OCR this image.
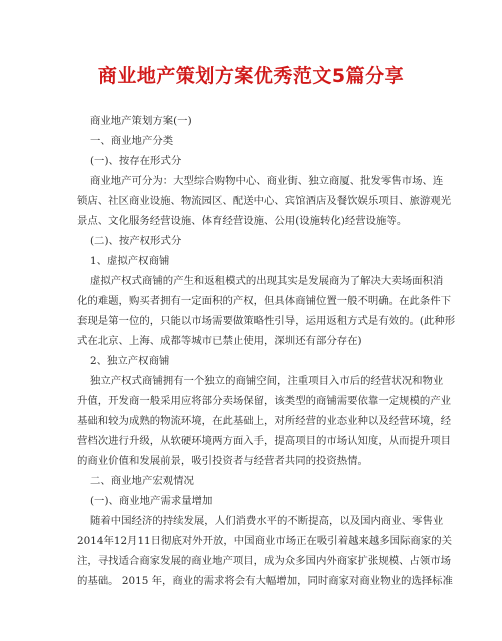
商业地产策划方案优秀范文5篇分享
商业地产策划方案(一)
一、商业地产分类
(一)、按存在形式分
商业地产可分为：大型综合购物中心、商业街、独立商厦、批发零售市场、连
锁店、社区商业设施、物流园区、配送中心、宾馆酒店及餐饮娱乐项目、旅游观光
景点、文化服务经营设施、体育经营设施、公用(设施转化)经营设施等。
(二)、按产权形式分
1、虚拟产权商铺
虚拟产权式商铺的产生和返租模式的出现其实是发展商为了解决大卖场面积消
化的难题，购买者拥有一定面积的产权，但具体商铺位置一般不明确。在此条件下
套现是第一位的，只能以市场需要做策略性引导，运用返租方式是有效的。(此种形
式在北京、上海、成都等城市已禁止使用，深圳还有部分存在)
2、独立产权商铺
独立产权式商铺拥有一个独立的商铺空间，注重项目入市后的经营状况和物业
升值，开发商一般采用应将部分卖场保留，该类型的商铺需要依靠一定规模的产业
基础和较为成熟的物流环境，在此基础上，对所经营的业态业种以及经营环境，经
营档次进行升级，从软硬环境两方面入手，提高项目的市场认知度，从而提升项目
的商业价值和发展前景，吸引投资者与经营者共同的投资热情。
二、商业地产宏观情况
(一)、商业地产需求量增加
随着中国经济的持续发展，人们消费水平的不断提高，以及国内商业、零售业
2014年12月11日彻底对外开放，中国商业市场正在吸引着越来越多国际商家的关
注，寻找适合商家发展的商业地产项目，成为众多国内外商家扩张规模、占领市场
的基础。 2015 年，商业的需求将会有大幅增加，同时商家对商业物业的选择标准
